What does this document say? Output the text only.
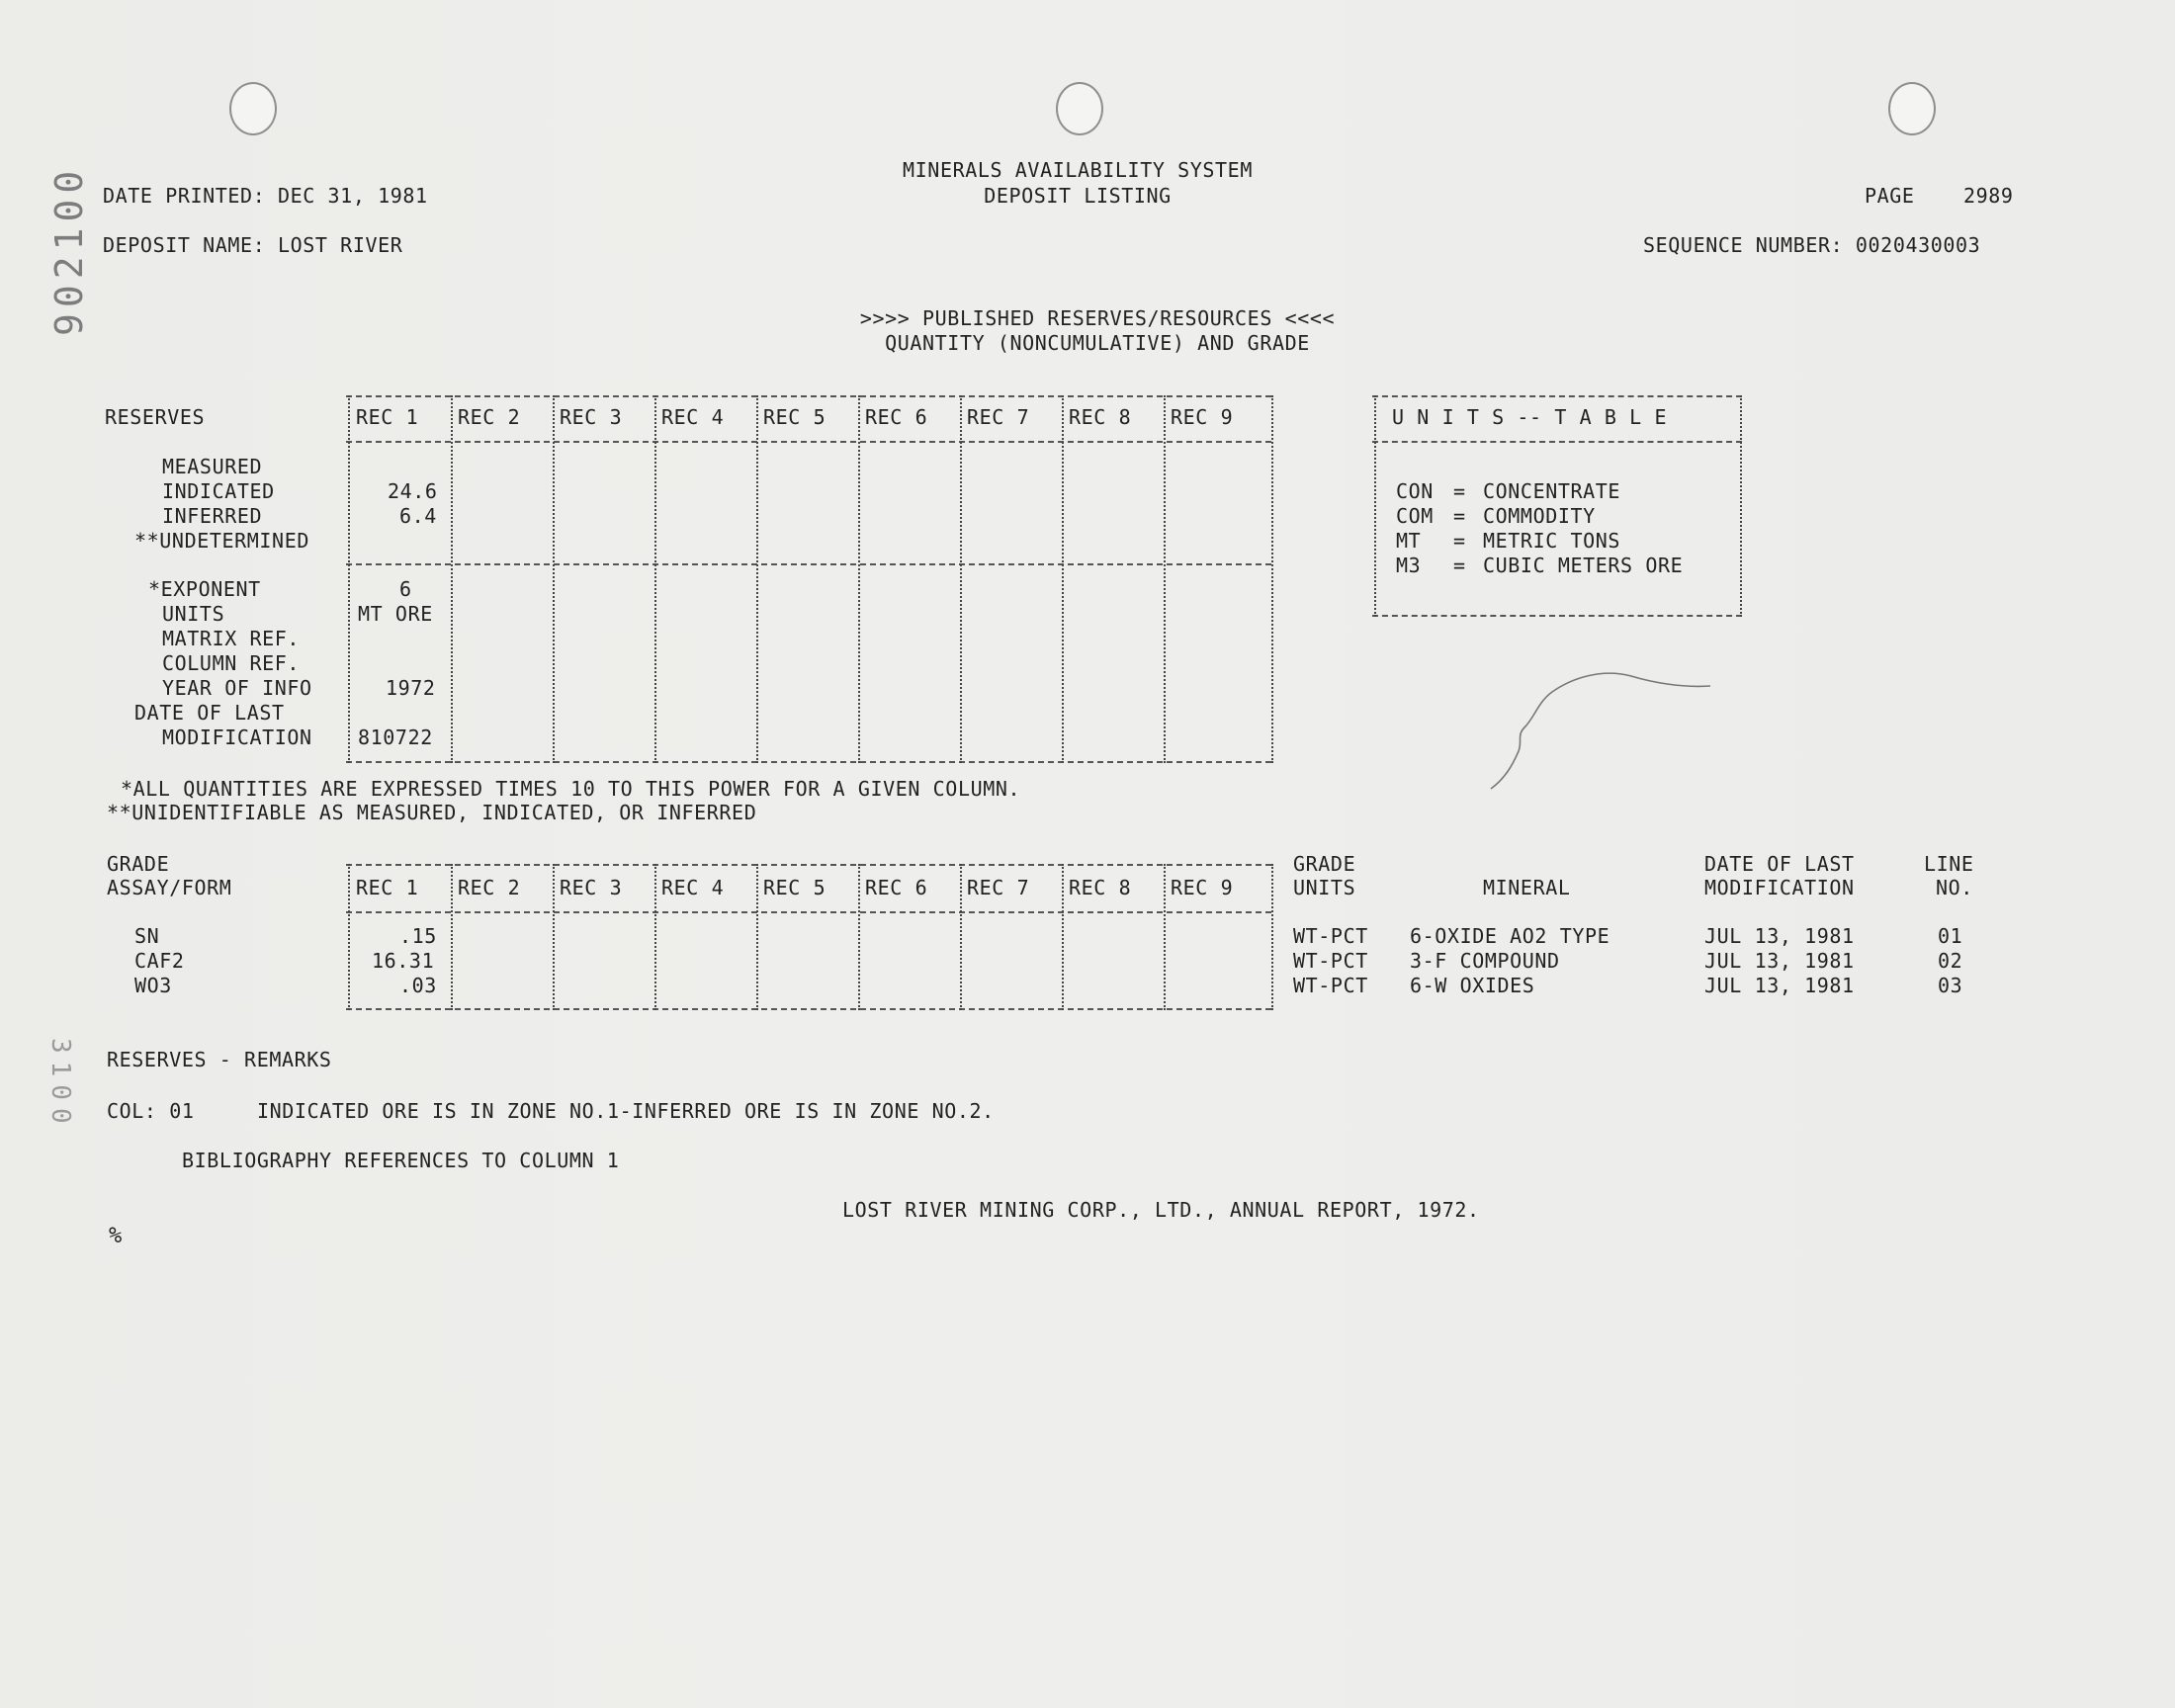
902100
3100
DATE PRINTED: DEC 31, 1981
MINERALS AVAILABILITY SYSTEM
DEPOSIT LISTING	PAGE 2989
DEPOSIT NAME: LOST RIVER	SEQUENCE NUMBER: 0020430003
>>>> PUBLISHED RESERVES/RESOURCES <<<<
QUANTITY (NONCUMULATIVE) AND GRADE
RESERVES	REC 1 REC 2 REC 3 REC 4 REC 5 REC 6 REC 7 REC 8 REC 9
MEASURED
INDICATED	24.6
INFERRED	6.4
**UNDETERMINED
*EXPONENT	6
UNITS	MT ORE
MATRIX REF.
COLUMN REF.
YEAR OF INFO	1972
DATE OF LAST
MODIFICATION 810722
U N I T S -- T A B L E
CON = CONCENTRATE
COM = COMMODITY
MT = METRIC TONS
M3 = CUBIC METERS ORE
*ALL QUANTITIES ARE EXPRESSED TIMES 10 TO THIS POWER FOR A GIVEN COLUMN.
**UNIDENTIFIABLE AS MEASURED, INDICATED, OR INFERRED
GRADE
ASSAY/FORM	REC 1 REC 2 REC 3 REC 4 REC 5 REC 6 REC 7 REC 8 REC 9
GRADE
UNITS	MINERAL
DATE OF LAST
MODIFICATION
LINE
NO.
SN	.15	WT-PCT 6-OXIDE AO2 TYPE	JUL 13, 1981	01
CAF2	16.31	WT-PCT 3-F COMPOUND	JUL 13, 1981	02
WO3	.03	WT-PCT 6-W OXIDES	JUL 13, 1981	03
RESERVES - REMARKS
COL: 01	INDICATED ORE IS IN ZONE NO.1-INFERRED ORE IS IN ZONE NO.2.
BIBLIOGRAPHY REFERENCES TO COLUMN 1
LOST RIVER MINING CORP., LTD., ANNUAL REPORT, 1972.
%
